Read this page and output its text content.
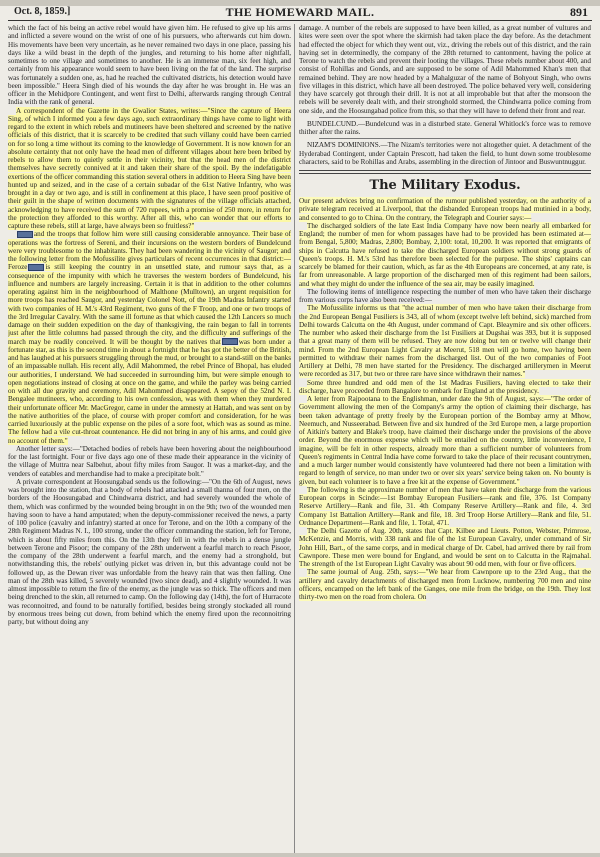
Oct. 8, 1859.]	THE HOMEWARD MAIL.	891

which the fact of his being an active rebel would have given him. He refused to give up his arms and inflicted a severe wound on the wrist of one of his pursuers, who afterwards cut him down. His movements have been very uncertain, as he never remained two days in one place, passing his days like a wild beast in the depth of the jungles, and returning to his home after nightfall, sometimes to one village and sometimes to another. He is an immense man, six feet high, and certainly from his appearance would seem to have been living on the fat of the land. The surprise was fortunately a sudden one, as, had he reached the cultivated districts, his detection would have been impossible." Heera Singh died of his wounds the day after he was brought in. He was an officer in the Mehidpore Contingent, and went first to Delhi, afterwards ranging through Central India with the rank of general.

A correspondent of the Gazette in the Gwalior States, writes:—"Since the capture of Heera Sing, of which I informed you a few days ago, such extraordinary things have come to light with regard to the extent in which rebels and mutineers have been sheltered and screened by the native officials of this district, that it is scarcely to be credited that such villany could have been carried on for so long a time without its coming to the knowledge of Government. It is now known for an absolute certainty that not only have the head men of different villages about here been bribed by rebels to allow them to quietly settle in their vicinity, but that the head men of the district themselves have secretly connived at it and taken their share of the spoil. By the indefatigable exertions of the officer commanding this station several others in addition to Heera Sing have been hunted up and seized, and in the case of a certain subadar of the 61st Native Infantry, who was brought in a day or two ago, and is still in confinement at this place, I have seen proof positive of their guilt in the shape of written documents with the signatures of the village officials attached, acknowledging to have received the sum of 720 rupees, with a promise of 250 more, in return for the protection they afforded to this worthy. After all this, who can wonder that our efforts to capture these rebels, still at large, have always been so fruitless?"

and the troops that follow him were still causing considerable annoyance. Their base of operations was the fortress of Sereni, and their incursions on the western borders of Bundelcund were very troublesome to the inhabitants. They had been wandering in the vicinity of Saugor; and the following letter from the Mofussilite gives particulars of recent occurrences in that district:—Feroze	is still keeping the country in an unsettled state, and rumour says that, as a consequence of the impunity with which he traverses the western borders of Bundelcund, his influence and numbers are largely increasing. Certain it is that in addition to the other columns operating against him in the neighbourhood of Malthone (Mulltown), an urgent requisition for more troops has reached Saugor, and yesterday Colonel Nott, of the 19th Madras Infantry started with two companies of H. M.'s 43rd Regiment, two guns of the F Troop, and one or two troops of the 3rd Irregular Cavalry. With the same ill fortune as that which caused the 12th Lancers so much damage on their sudden expedition on the day of thanksgiving, the rain began to fall in torrents just after the little columns had passed through the city, and the difficulty and sufferings of the march may be readily conceived. It will be thought by the natives that	was born under a fortunate star, as this is the second time in about a fortnight that he has got the better of the British, and has laughed at his pursuers struggling through the mud, or brought to a stand-still on the banks of an impassable nullah. His recent ally, Adil Mahommed, the rebel Prince of Bhopal, has eluded our authorities, I understand. We had succeeded in surrounding him, but were simple enough to open negotiations instead of closing at once on the game, and while the parley was being carried on with all due gravity and ceremony, Adil Mahommed disappeared. A sepoy of the 52nd N. I. Bengalee mutineers, who, according to his own confession, was with them when they murdered their unfortunate officer Mr. MacGregor, came in under the amnesty at Hattah, and was sent on by the native authorities of the place, of course with proper comfort and consideration, for he was carried luxuriously at the public expense on the piles of a sore foot, which was as sound as mine. The fellow had a vile cut-throat countenance. He did not bring in any of his arms, and could give no account of them."

Another letter says:—"Detached bodies of rebels have been hovering about the neighbourhood for the last fortnight. Four or five days ago one of these made their appearance in the vicinity of the village of Muttra near Salbehut, about fifty miles from Saugor. It was a market-day, and the venders of eatables and merchandise had to make a precipitate bolt."

A private correspondent at Hoosungabad sends us the following:—"On the 6th of August, news was brought into the station, that a body of rebels had attacked a small thanna of four men, on the borders of the Hoosungabad and Chindwarra district, and had severely wounded the whole of them, which was confirmed by the wounded being brought in on the 9th; two of the wounded men having soon to have a hand amputated; when the deputy-commissioner received the news, a party of 100 police (cavalry and infantry) started at once for Terone, and on the 10th a company of the 28th Regiment Madras N. I., 100 strong, under the officer commanding the station, left for Terone, which is about fifty miles from this. On the 13th they fell in with the rebels in a dense jungle between Terone and Pisoor; the company of the 28th underwent a fearful march to reach Pisoor, the company of the 28th underwent a fearful march, and the enemy had a stronghold, but notwithstanding this, the rebels' outlying picket was driven in, but this advantage could not be followed up, as the Dewan river was unfordable from the heavy rain that was then falling. One man of the 28th was killed, 5 severely wounded (two since dead), and 4 slightly wounded. It was almost impossible to return the fire of the enemy, as the jungle was so thick. The officers and men being drenched to the skin, all returned to camp. On the following day (14th), the fort of Hurracote was reconnoitred, and found to be naturally fortified, besides being strongly stockaded all round by enormous trees being cut down, from behind which the enemy fired upon the reconnoitring party, but without doing any

damage. A number of the rebels are supposed to have been killed, as a great number of vultures and kites were seen over the spot where the skirmish had taken place the day before. As the detachment had effected the object for which they went out, viz., driving the rebels out of this district, and the rain having set in determinedly, the company of the 28th returned to cantonment, having the police at Terone to watch the rebels and prevent their looting the villages. These rebels number about 400, and consist of Rohillas and Gonds, and are supposed to be some of Adil Mahommed Khan's men that remained behind. They are now headed by a Mahalguzar of the name of Bohyout Singh, who owns five villages in this district, which have all been destroyed. The police behaved very well, considering they have scarcely got through their drill. It is not at all improbable but that after the monsoon the rebels will be severely dealt with, and their stronghold stormed, the Chindwarra police coming from one side, and the Hoosungabad police from this, so that they will have to defend their front and rear.

BUNDELCUND.—Bundelcund was in a disturbed state. General Whitlock's force was to remove thither after the rains.

NIZAM'S DOMINIONS.—The Nizam's territories were not altogether quiet. A detachment of the Hyderabad Contingent, under Captain Prescott, had taken the field, to hunt down some troublesome characters, said to be Rohillas and Arabs, assembling in the direction of Jintoor and Buswuntnuggur.

The Military Exodus.

Our present advices bring no confirmation of the rumour published yesterday, on the authority of a private telegram received at Liverpool, that the disbanded European troops had mutinied in a body, and consented to go to China. On the contrary, the Telegraph and Courier says:—

The discharged soldiers of the late East India Company have now been nearly all embarked for England; the number of men for whom passages have had to be provided has been estimated at—from Bengal, 5,800; Madras, 2,800; Bombay, 2,100: total, 10,200. It was reported that emigrants of ships in Calcutta have refused to take the discharged European soldiers without strong guards of Queen's troops. H. M.'s 53rd has therefore been selected for the purpose. The ships' captains can scarcely be blamed for their caution, which, as far as the 4th Europeans are concerned, at any rate, is far from unreasonable. A large proportion of the discharged men of this regiment had been sailors, and what they might do under the influence of the sea air, may be easily imagined.

The following items of intelligence respecting the number of men who have taken their discharge from various corps have also been received:—

The Mofussilite informs us that "the actual number of men who have taken their discharge from the 2nd European Bengal Fusiliers is 343, all of whom (except twelve left behind, sick) marched from Delhi towards Calcutta on the 4th August, under command of Capt. Bleaymire and six other officers. The number who asked their discharge from the 1st Fusiliers at Dugshai was 393, but it is supposed that a great many of them will be refused. They are now doing but ten or twelve will change their mind. From the 2nd European Light Cavalry at Meerut, 518 men will go home, two having been permitted to withdraw their names from the discharged list. Out of the two companies of Foot Artillery at Delhi, 78 men have started for the Presidency. The discharged artillerymen in Meerut were recorded as 317, but two or three rare have since withdrawn their names."

Some three hundred and odd men of the 1st Madras Fusiliers, having elected to take their discharge, have proceeded from Bangalore to embark for England at the presidency.

A letter from Rajpootana to the Englishman, under date the 9th of August, says:—"The order of Government allowing the men of the Company's army the option of claiming their discharge, has been taken advantage of pretty freely by the European portion of the Bombay army at Mhow, Neemuch, and Nusseerabad. Between five and six hundred of the 3rd Europe men, a large proportion of Aitkin's battery and Blake's troop, have claimed their discharge under the provisions of the above order. Beyond the enormous expense which will be entailed on the country, little inconvenience, I imagine, will be felt in other respects, already more than a sufficient number of volunteers from Queen's regiments in Central India have come forward to take the place of their recusant countrymen, and a much larger number would consistently have volunteered had there not been a limitation with regard to length of service, no man under two or over six years' service being taken on. No bounty is given, but each volunteer is to have a free kit at the expense of Government."

The following is the approximate number of men that have taken their discharge from the various European corps in Scinde:—1st Bombay European Fusiliers—rank and file, 376. 1st Company Reserve Artillery—Rank and file, 31. 4th Company Reserve Artillery—Rank and file, 4. 3rd Company 1st Battalion Artillery—Rank and file, 18. 3rd Troop Horse Artillery—Rank and file, 51. Ordnance Department—Rank and file, 1. Total, 471.

The Delhi Gazette of Aug. 20th, states that Capt. Kilbee and Lieuts. Potton, Webster, Primrose, McKenzie, and Morris, with 338 rank and file of the 1st European Cavalry, under command of Sir John Hill, Bart., of the same corps, and in medical charge of Dr. Cabel, had arrived there by rail from Cawnpore. These men were bound for England, and would be sent on to Calcutta in the Rajmahal. The strength of the 1st European Light Cavalry was about 90 odd men, with four or five officers.

The same journal of Aug. 25th, says:—"We hear from Cawnpore up to the 23rd Aug., that the artillery and cavalry detachments of discharged men from Lucknow, numbering 700 men and nine officers, encamped on the left bank of the Ganges, one mile from the bridge, on the 19th. They lost thirty-two men on the road from cholera. On
